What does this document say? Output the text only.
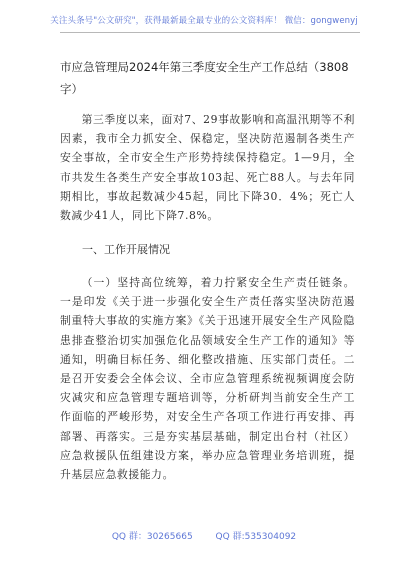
关注头条号"公文研究"，获得最新最全最专业的公文资料库！ 微信：gongwenyj
市应急管理局2024年第三季度安全生产工作总结（3808字）
第三季度以来，面对7、29事故影响和高温汛期等不利因素，我市全力抓安全、保稳定，坚决防范遏制各类生产安全事故，全市安全生产形势持续保持稳定。1—9月，全市共发生各类生产安全事故103起、死亡88人。与去年同期相比，事故起数减少45起，同比下降30．4%；死亡人数减少41人，同比下降7.8%。
一、工作开展情况
（一）坚持高位统筹，着力拧紧安全生产责任链条。一是印发《关于进一步强化安全生产责任落实坚决防范遏制重特大事故的实施方案》《关于迅速开展安全生产风险隐患排查整治切实加强危化品领域安全生产工作的通知》等通知，明确目标任务、细化整改措施、压实部门责任。二是召开安委会全体会议、全市应急管理系统视频调度会防灾减灾和应急管理专题培训等，分析研判当前安全生产工作面临的严峻形势，对安全生产各项工作进行再安排、再部署、再落实。三是夯实基层基础，制定出台村（社区）应急救援队伍组建设方案，举办应急管理业务培训班，提升基层应急救援能力。
QQ 群：30265665	QQ 群:535304092
